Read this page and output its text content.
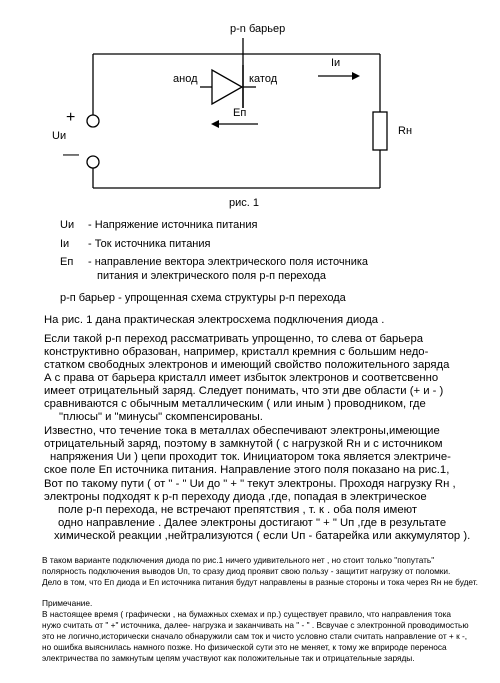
p-n барьер
анод	катод
Іи
Еп
+
—
Uи	Rн
рис. 1
Uи - Напряжение источника питания
Іи - Ток источника питания
Еп - направление вектора электрического поля источника
питания и электрического поля р-п перехода
р-п барьер - упрощенная схема структуры р-п перехода
На рис. 1 дана практическая электросхема подключения диода .
Если такой р-п переход рассматривать упрощенно, то слева от барьера
конструктивно образован, например, кристалл кремния с большим недо-
статком свободных электронов и имеющий свойство положительного заряда
А с права от барьера кристалл имеет избыток электронов и соответсвенно
имеет отрицательный заряд. Следует понимать, что эти две области (+ и - )
сравниваются с обычным металлическим ( или иным ) проводником, где
"плюсы" и "минусы" скомпенсированы.
Известно, что течение тока в металлах обеспечивают электроны,имеющие
отрицательный заряд, поэтому в замкнутой ( с нагрузкой Rн и с источником
напряжения Uи ) цепи проходит ток. Инициатором тока является электриче-
ское поле Еп источника питания. Направление этого поля показано на рис.1,
Вот по такому пути ( от " - " Uи до " + " текут электроны. Проходя нагрузку Rн ,
электроны подходят к р-п переходу диода ,где, попадая в электрическое
поле р-п перехода, не встречают препятствия , т. к . оба поля имеют
одно направление . Далее электроны достигают " + " Uп ,где в результате
химической реакции ,нейтрализуются ( если Uп - батарейка или аккумулятор ).
В таком варианте подключения диода по рис.1 ничего удивительного нет , но стоит только "попутать"
полярность подключения выводов Uп, то сразу диод проявит свою пользу - защитит нагрузку от поломки.
Дело в том, что Еп диода и Еп источника питания будут направлены в разные стороны и тока через Rн не будет.
Примечание.
В настоящее время ( графически , на бумажных схемах и пр.) существует правило, что направления тока
нужо считать от " +" источника, далее- нагрузка и заканчивать на " - " . Всвучае с электронной проводимостью
это не логично,исторически сначало обнаружили сам ток и чисто условно стали считать направление от + к -,
но ошибка выяснилась намного позже. Но физической сути это не меняет, к тому же вприроде переноса
электричества по замкнутым цепям участвуют как положительные так и отрицательные заряды.
